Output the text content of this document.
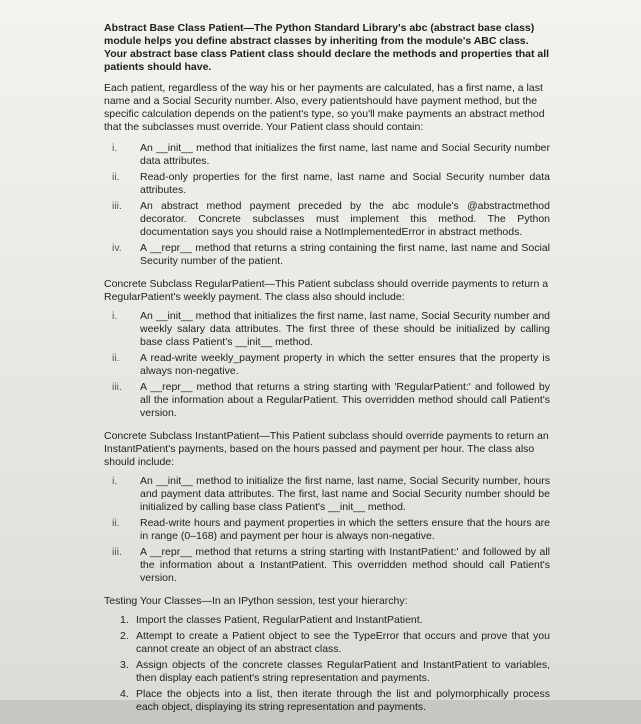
Abstract Base Class Patient—The Python Standard Library's abc (abstract base class) module helps you define abstract classes by inheriting from the module's ABC class. Your abstract base class Patient class should declare the methods and properties that all patients should have.

Each patient, regardless of the way his or her payments are calculated, has a first name, a last name and a Social Security number. Also, every patientshould have payment method, but the specific calculation depends on the patient's type, so you'll make payments an abstract method that the subclasses must override. Your Patient class should contain:

i.	An __init__ method that initializes the first name, last name and Social Security number data attributes.
ii.	Read-only properties for the first name, last name and Social Security number data attributes.
iii.	An abstract method payment preceded by the abc module's @abstractmethod decorator. Concrete subclasses must implement this method. The Python documentation says you should raise a NotImplementedError in abstract methods.
iv.	A __repr__ method that returns a string containing the first name, last name and Social Security number of the patient.

Concrete Subclass RegularPatient—This Patient subclass should override payments to return a RegularPatient's weekly payment. The class also should include:

i.	An __init__ method that initializes the first name, last name, Social Security number and weekly salary data attributes. The first three of these should be initialized by calling base class Patient's __init__ method.
ii.	A read-write weekly_payment property in which the setter ensures that the property is always non-negative.
iii.	A __repr__ method that returns a string starting with 'RegularPatient:' and followed by all the information about a RegularPatient. This overridden method should call Patient's version.

Concrete Subclass InstantPatient—This Patient subclass should override payments to return an InstantPatient's payments, based on the hours passed and payment per hour. The class also should include:

i.	An __init__ method to initialize the first name, last name, Social Security number, hours and payment data attributes. The first, last name and Social Security number should be initialized by calling base class Patient's __init__ method.
ii.	Read-write hours and payment properties in which the setters ensure that the hours are in range (0–168) and payment per hour is always non-negative.
iii.	A __repr__ method that returns a string starting with InstantPatient:' and followed by all the information about a InstantPatient. This overridden method should call Patient's version.

Testing Your Classes—In an IPython session, test your hierarchy:

1. Import the classes Patient, RegularPatient and InstantPatient.
2. Attempt to create a Patient object to see the TypeError that occurs and prove that you cannot create an object of an abstract class.
3. Assign objects of the concrete classes RegularPatient and InstantPatient to variables, then display each patient's string representation and payments.
4. Place the objects into a list, then iterate through the list and polymorphically process each object, displaying its string representation and payments.
